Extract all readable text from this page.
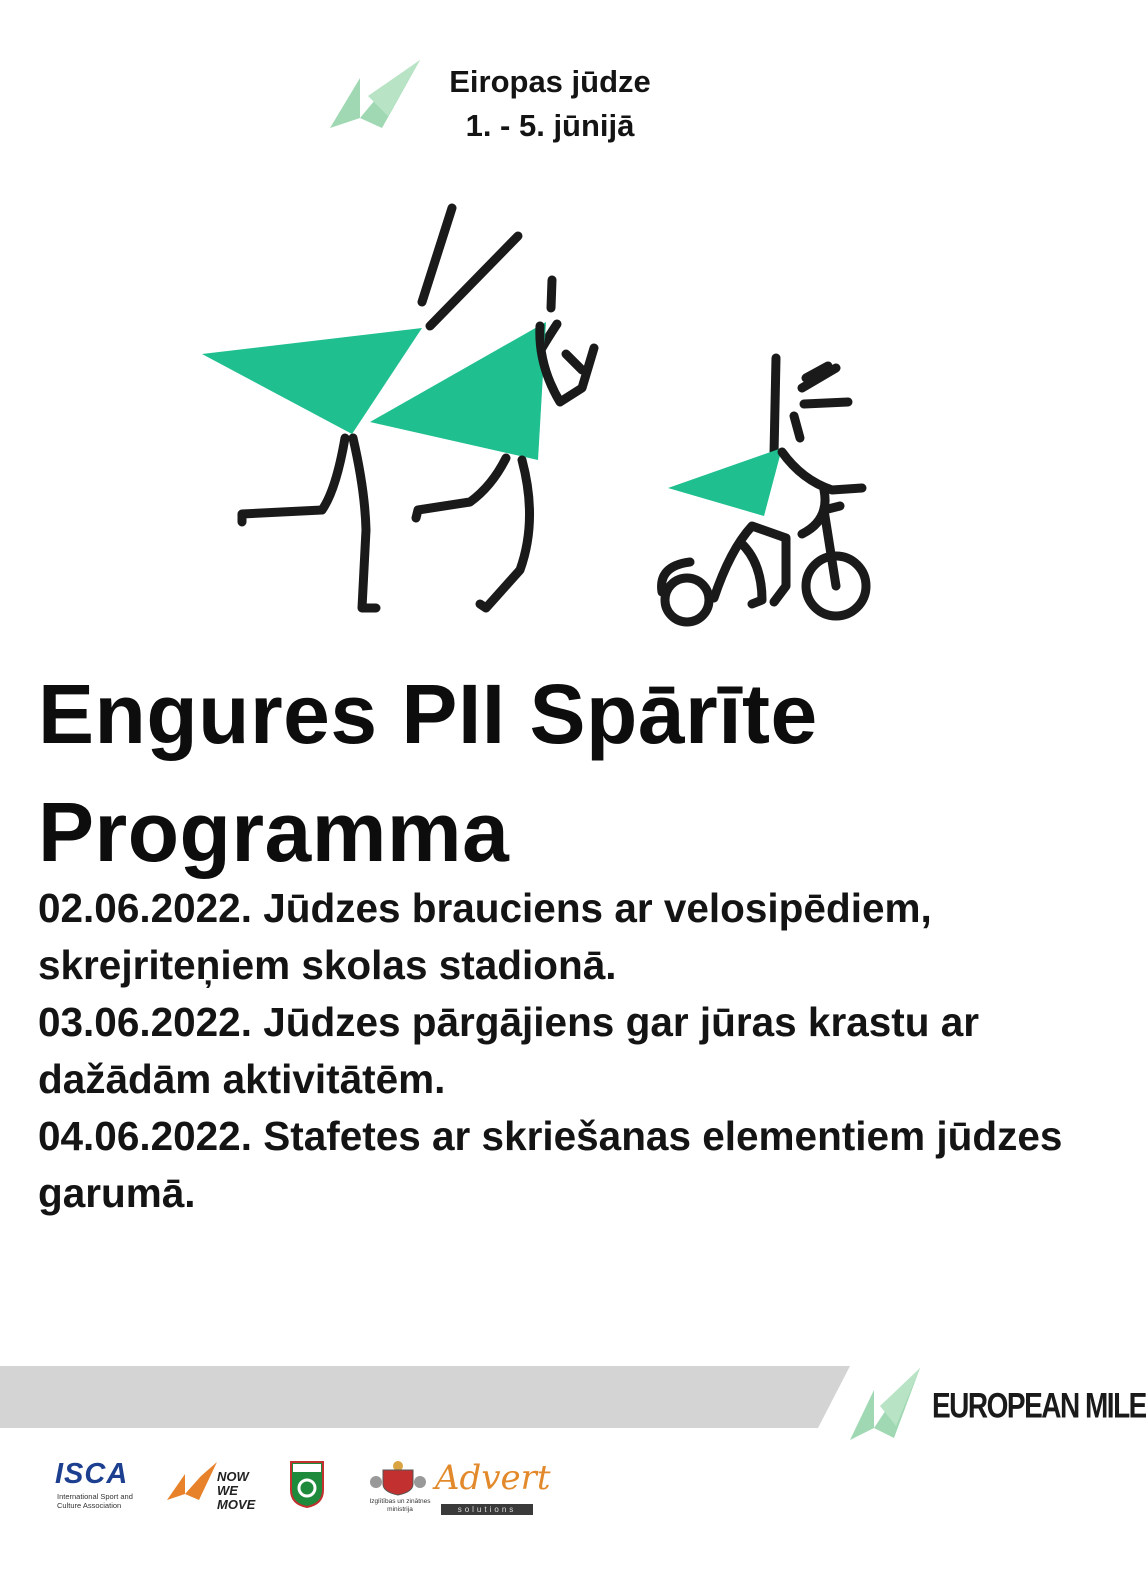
Eiropas jūdze
1. - 5. jūnijā
Engures PII Spārīte
Programma

02.06.2022. Jūdzes brauciens ar velosipēdiem, skrejriteņiem skolas stadionā.

03.06.2022. Jūdzes pārgājiens gar jūras krastu ar dažādām aktivitātēm.

04.06.2022. Stafetes ar skriešanas elementiem jūdzes garumā.

EUROPEAN MILE
ISCA
International Sport and Culture Association
NOW
WE MOVE	Izglītības un zinātnes ministrija
Advert
solutions
